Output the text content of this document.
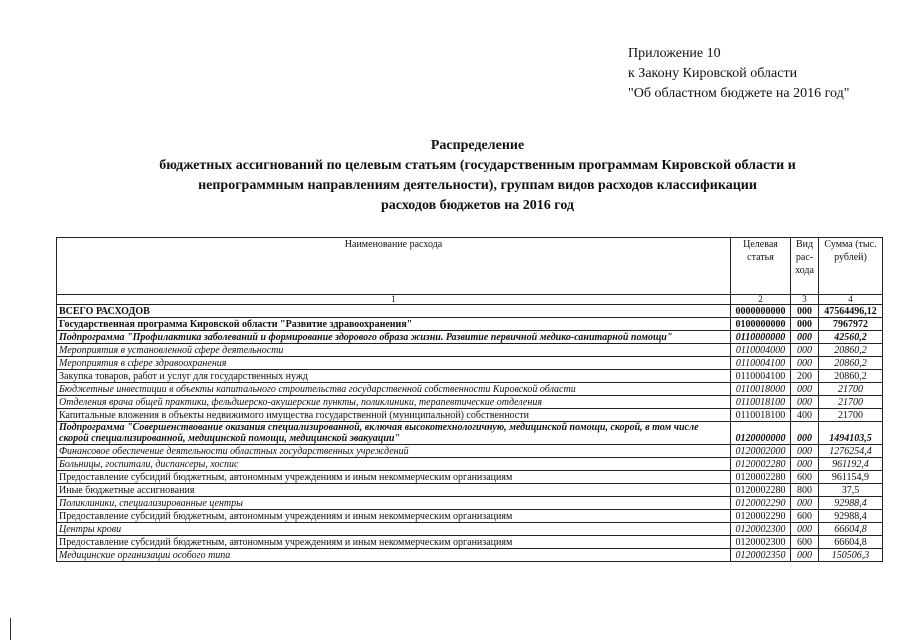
Приложение 10
к Закону Кировской области
"Об областном бюджете на 2016 год"
Распределение
бюджетных ассигнований по целевым статьям (государственным программам Кировской области и
непрограммным направлениям деятельности), группам видов расходов классификации
расходов бюджетов на 2016 год
Наименование расхода	Целевая статья	Вид рас-хода	Сумма (тыс. рублей)
1	2	3	4
ВСЕГО РАСХОДОВ	0000000000	000	47564496,12
Государственная программа Кировской области "Развитие здравоохранения"	0100000000	000	7967972
Подпрограмма "Профилактика заболеваний и формирование здорового образа жизни. Развитие первичной медико-санитарной помощи"	0110000000	000	42560,2
Мероприятия в установленной сфере деятельности	0110004000	000	20860,2
Мероприятия в сфере здравоохранения	0110004100	000	20860,2
Закупка товаров, работ и услуг для государственных нужд	0110004100	200	20860,2
Бюджетные инвестиции в объекты капитального строительства государственной собственности Кировской области	0110018000	000	21700
Отделения врача общей практики, фельдшерско-акушерские пункты, поликлиники, терапевтические отделения	0110018100	000	21700
Капитальные вложения в объекты недвижимого имущества государственной (муниципальной) собственности	0110018100	400	21700
Подпрограмма "Совершенствование оказания специализированной, включая высокотехнологичную, медицинской помощи, скорой, в том числе скорой специализированной, медицинской помощи, медицинской эвакуации"	0120000000	000	1494103,5
Финансовое обеспечение деятельности областных государственных учреждений	0120002000	000	1276254,4
Больницы, госпитали, диспансеры, хоспис	0120002280	000	961192,4
Предоставление субсидий бюджетным, автономным учреждениям и иным некоммерческим организациям	0120002280	600	961154,9
Иные бюджетные ассигнования	0120002280	800	37,5
Поликлиники, специализированные центры	0120002290	000	92988,4
Предоставление субсидий бюджетным, автономным учреждениям и иным некоммерческим организациям	0120002290	600	92988,4
Центры крови	0120002300	000	66604,8
Предоставление субсидий бюджетным, автономным учреждениям и иным некоммерческим организациям	0120002300	600	66604,8
Медицинские организации особого типа	0120002350	000	150506,3
